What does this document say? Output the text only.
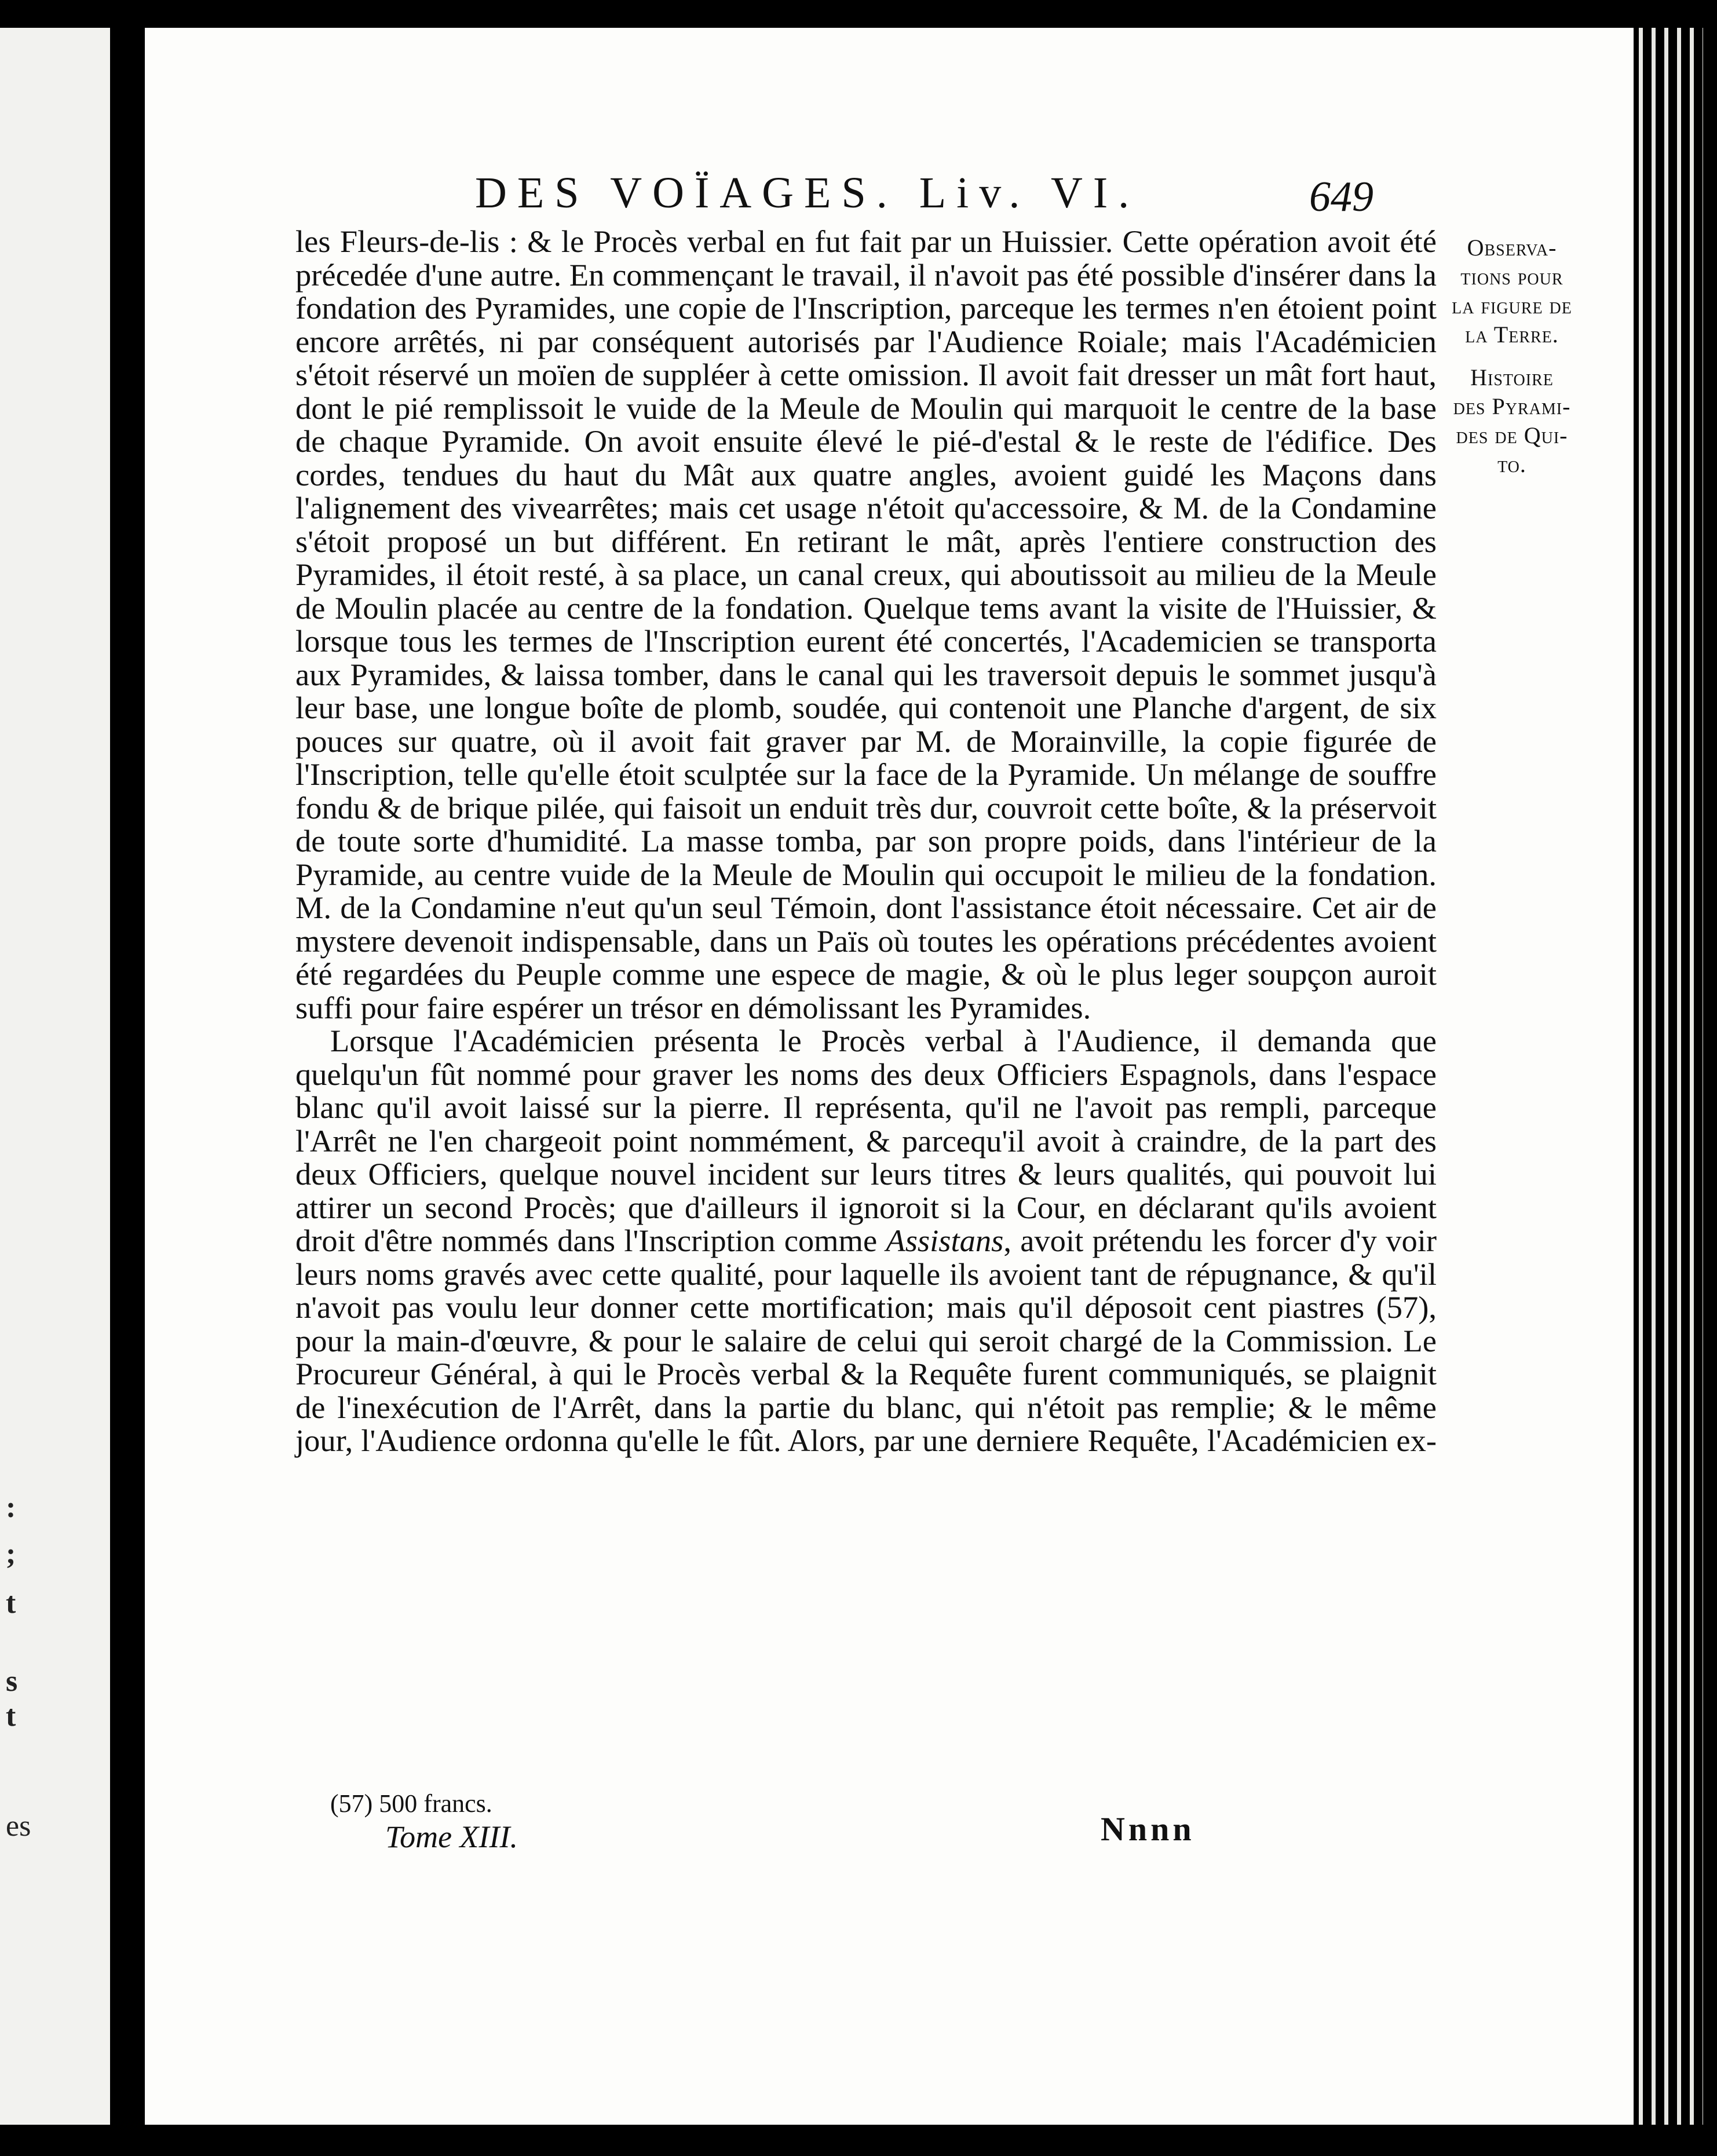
:
;
t
s
t
es
DES VOÏAGES. Liv. VI.	649

les Fleurs-de-lis : & le Procès verbal en fut fait par un Huissier. Cette opération avoit été précedée d'une autre. En commençant le travail, il n'avoit pas été possible d'insérer dans la fondation des Pyramides, une copie de l'Inscription, parceque les termes n'en étoient point encore arrêtés, ni par conséquent autorisés par l'Audience Roiale; mais l'Académicien s'étoit réservé un moïen de suppléer à cette omission. Il avoit fait dresser un mât fort haut, dont le pié remplissoit le vuide de la Meule de Moulin qui marquoit le centre de la base de chaque Pyramide. On avoit ensuite élevé le pié-d'estal & le reste de l'édifice. Des cordes, tendues du haut du Mât aux quatre angles, avoient guidé les Maçons dans l'alignement des vivearrêtes; mais cet usage n'étoit qu'accessoire, & M. de la Condamine s'étoit proposé un but différent. En retirant le mât, après l'entiere construction des Pyramides, il étoit resté, à sa place, un canal creux, qui aboutissoit au milieu de la Meule de Moulin placée au centre de la fondation. Quelque tems avant la visite de l'Huissier, & lorsque tous les termes de l'Inscription eurent été concertés, l'Academicien se transporta aux Pyramides, & laissa tomber, dans le canal qui les traversoit depuis le sommet jusqu'à leur base, une longue boîte de plomb, soudée, qui contenoit une Planche d'argent, de six pouces sur quatre, où il avoit fait graver par M. de Morainville, la copie figurée de l'Inscription, telle qu'elle étoit sculptée sur la face de la Pyramide. Un mélange de souffre fondu & de brique pilée, qui faisoit un enduit très dur, couvroit cette boîte, & la préservoit de toute sorte d'humidité. La masse tomba, par son propre poids, dans l'intérieur de la Pyramide, au centre vuide de la Meule de Moulin qui occupoit le milieu de la fondation. M. de la Condamine n'eut qu'un seul Témoin, dont l'assistance étoit nécessaire. Cet air de mystere devenoit indispensable, dans un Païs où toutes les opérations précédentes avoient été regardées du Peuple comme une espece de magie, & où le plus leger soupçon auroit suffi pour faire espérer un trésor en démolissant les Pyramides.

Lorsque l'Académicien présenta le Procès verbal à l'Audience, il demanda que quelqu'un fût nommé pour graver les noms des deux Officiers Espagnols, dans l'espace blanc qu'il avoit laissé sur la pierre. Il représenta, qu'il ne l'avoit pas rempli, parceque l'Arrêt ne l'en chargeoit point nommément, & parcequ'il avoit à craindre, de la part des deux Officiers, quelque nouvel incident sur leurs titres & leurs qualités, qui pouvoit lui attirer un second Procès; que d'ailleurs il ignoroit si la Cour, en déclarant qu'ils avoient droit d'être nommés dans l'Inscription comme Assistans, avoit prétendu les forcer d'y voir leurs noms gravés avec cette qualité, pour laquelle ils avoient tant de répugnance, & qu'il n'avoit pas voulu leur donner cette mortification; mais qu'il déposoit cent piastres (57), pour la main-d'œuvre, & pour le salaire de celui qui seroit chargé de la Commission. Le Procureur Général, à qui le Procès verbal & la Requête furent communiqués, se plaignit de l'inexécution de l'Arrêt, dans la partie du blanc, qui n'étoit pas remplie; & le même jour, l'Audience ordonna qu'elle le fût. Alors, par une derniere Requête, l'Académicien ex-

Observa-
tions pour
la figure de
la Terre.
Histoire
des Pyrami-
des de Qui-
to.
(57) 500 francs.
Tome XIII.	Nnnn
